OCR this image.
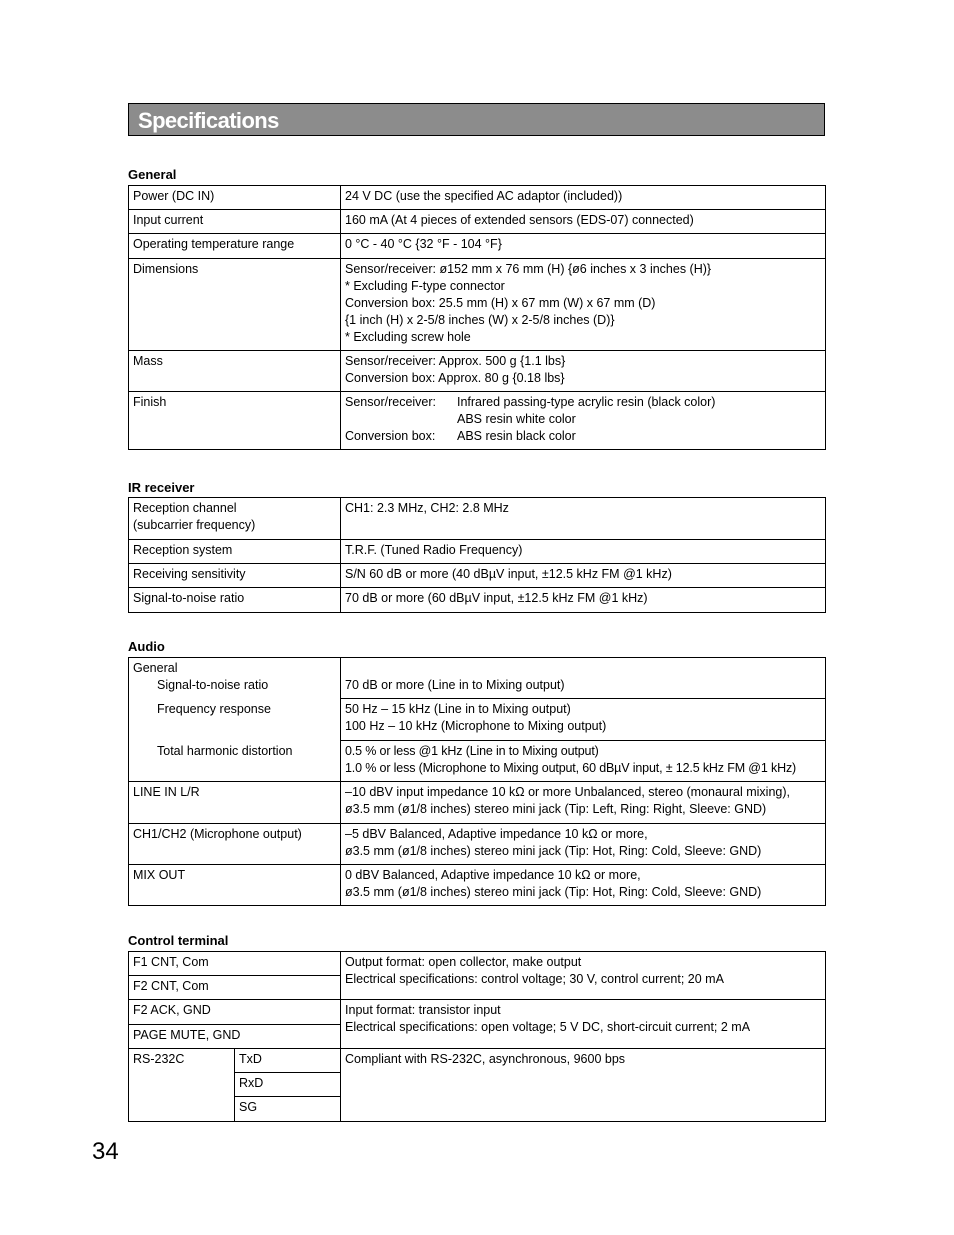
Specifications
General
Power (DC IN)	24 V DC (use the specified AC adaptor (included))
Input current	160 mA (At 4 pieces of extended sensors (EDS-07) connected)
Operating temperature range	0 °C - 40 °C {32 °F - 104 °F}
Dimensions	Sensor/receiver: ø152 mm x 76 mm (H) {ø6 inches x 3 inches (H)}
* Excluding F-type connector
Conversion box: 25.5 mm (H) x 67 mm (W) x 67 mm (D)
{1 inch (H) x 2-5/8 inches (W) x 2-5/8 inches (D)}
* Excluding screw hole

Mass	Sensor/receiver: Approx. 500 g {1.1 lbs}
Conversion box: Approx. 80 g {0.18 lbs}

Finish	Sensor/receiver: Infrared passing-type acrylic resin (black color)
ABS resin white color
Conversion box: ABS resin black color
IR receiver
Reception channel
(subcarrier frequency)	CH1: 2.3 MHz, CH2: 2.8 MHz
Reception system	T.R.F. (Tuned Radio Frequency)
Receiving sensitivity	S/N 60 dB or more (40 dBµV input, ±12.5 kHz FM @1 kHz)
Signal-to-noise ratio	70 dB or more (60 dBµV input, ±12.5 kHz FM @1 kHz)
Audio
General
Signal-to-noise ratio	70 dB or more (Line in to Mixing output)

Frequency response	50 Hz – 15 kHz (Line in to Mixing output)
100 Hz – 10 kHz (Microphone to Mixing output)

Total harmonic distortion	0.5 % or less @1 kHz (Line in to Mixing output)
1.0 % or less (Microphone to Mixing output, 60 dBµV input, ± 12.5 kHz FM @1 kHz)

LINE IN L/R	–10 dBV input impedance 10 kΩ or more Unbalanced, stereo (monaural mixing),
ø3.5 mm (ø1/8 inches) stereo mini jack (Tip: Left, Ring: Right, Sleeve: GND)

CH1/CH2 (Microphone output)	–5 dBV Balanced, Adaptive impedance 10 kΩ or more,
ø3.5 mm (ø1/8 inches) stereo mini jack (Tip: Hot, Ring: Cold, Sleeve: GND)

MIX OUT	0 dBV Balanced, Adaptive impedance 10 kΩ or more,
ø3.5 mm (ø1/8 inches) stereo mini jack (Tip: Hot, Ring: Cold, Sleeve: GND)
Control terminal
F1 CNT, Com		Output format: open collector, make output
Electrical specifications: control voltage; 30 V, control current; 20 mA

F2 CNT, Com		
F2 ACK, GND		Input format: transistor input
Electrical specifications: open voltage; 5 V DC, short-circuit current; 2 mA

PAGE MUTE, GND		
RS-232C	TxD	Compliant with RS-232C, asynchronous, 9600 bps
	RxD	
	SG	
34
